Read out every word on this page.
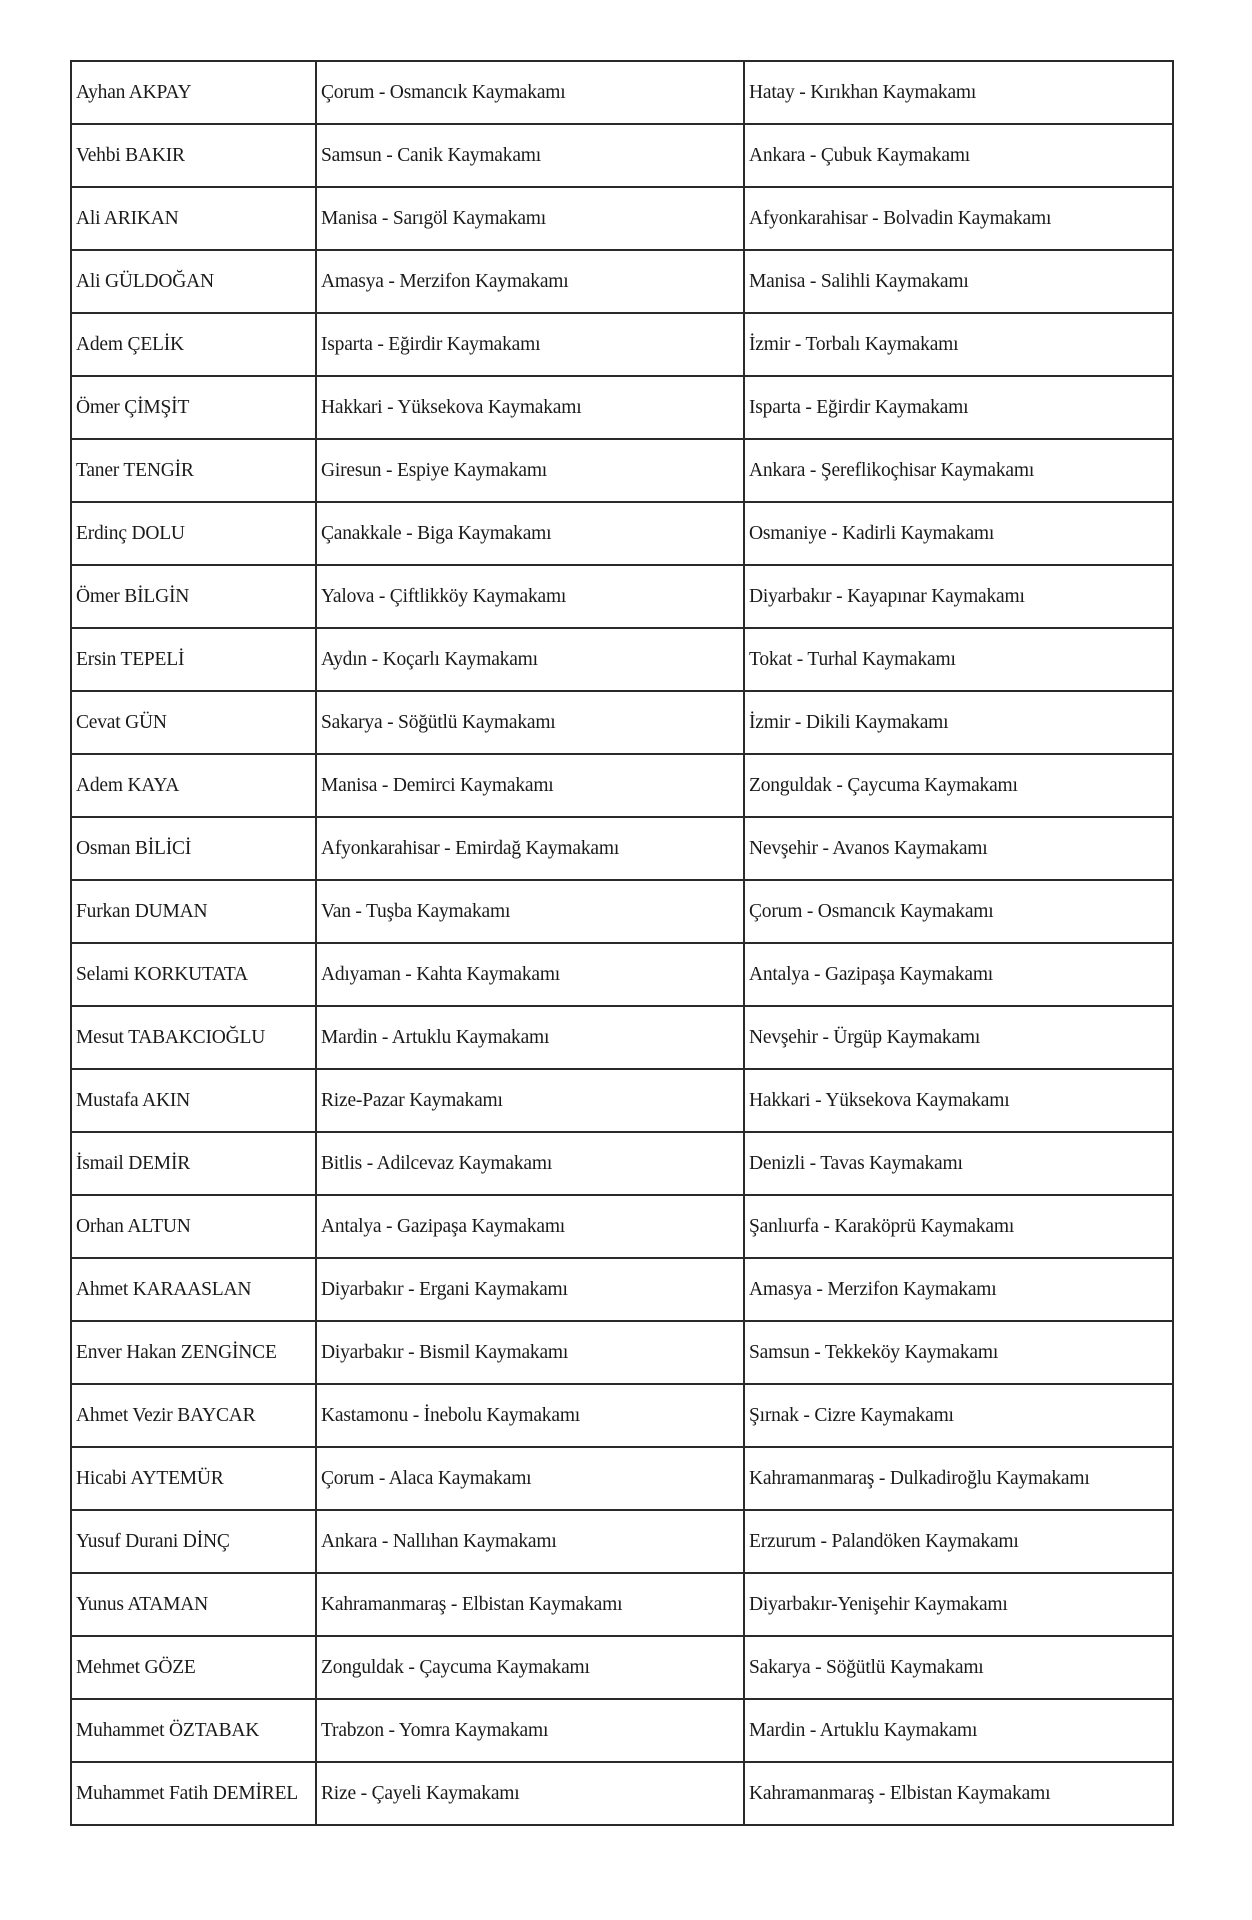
Ayhan AKPAY	Çorum - Osmancık Kaymakamı	Hatay - Kırıkhan Kaymakamı
Vehbi BAKIR	Samsun - Canik Kaymakamı	Ankara - Çubuk Kaymakamı
Ali ARIKAN	Manisa - Sarıgöl Kaymakamı	Afyonkarahisar - Bolvadin Kaymakamı
Ali GÜLDOĞAN	Amasya - Merzifon Kaymakamı	Manisa - Salihli Kaymakamı
Adem ÇELİK	Isparta - Eğirdir Kaymakamı	İzmir - Torbalı Kaymakamı
Ömer ÇİMŞİT	Hakkari - Yüksekova Kaymakamı	Isparta - Eğirdir Kaymakamı
Taner TENGİR	Giresun - Espiye Kaymakamı	Ankara - Şereflikoçhisar Kaymakamı
Erdinç DOLU	Çanakkale - Biga Kaymakamı	Osmaniye - Kadirli Kaymakamı
Ömer BİLGİN	Yalova - Çiftlikköy Kaymakamı	Diyarbakır - Kayapınar Kaymakamı
Ersin TEPELİ	Aydın - Koçarlı Kaymakamı	Tokat - Turhal Kaymakamı
Cevat GÜN	Sakarya - Söğütlü Kaymakamı	İzmir - Dikili Kaymakamı
Adem KAYA	Manisa - Demirci Kaymakamı	Zonguldak - Çaycuma Kaymakamı
Osman BİLİCİ	Afyonkarahisar - Emirdağ Kaymakamı	Nevşehir - Avanos Kaymakamı
Furkan DUMAN	Van - Tuşba Kaymakamı	Çorum - Osmancık Kaymakamı
Selami KORKUTATA	Adıyaman - Kahta Kaymakamı	Antalya - Gazipaşa Kaymakamı
Mesut TABAKCIOĞLU	Mardin - Artuklu Kaymakamı	Nevşehir - Ürgüp Kaymakamı
Mustafa AKIN	Rize-Pazar Kaymakamı	Hakkari - Yüksekova Kaymakamı
İsmail DEMİR	Bitlis - Adilcevaz Kaymakamı	Denizli - Tavas Kaymakamı
Orhan ALTUN	Antalya - Gazipaşa Kaymakamı	Şanlıurfa - Karaköprü Kaymakamı
Ahmet KARAASLAN	Diyarbakır - Ergani Kaymakamı	Amasya - Merzifon Kaymakamı
Enver Hakan ZENGİNCE	Diyarbakır - Bismil Kaymakamı	Samsun - Tekkeköy Kaymakamı
Ahmet Vezir BAYCAR	Kastamonu - İnebolu Kaymakamı	Şırnak - Cizre Kaymakamı
Hicabi AYTEMÜR	Çorum - Alaca Kaymakamı	Kahramanmaraş - Dulkadiroğlu Kaymakamı
Yusuf Durani DİNÇ	Ankara - Nallıhan Kaymakamı	Erzurum - Palandöken Kaymakamı
Yunus ATAMAN	Kahramanmaraş - Elbistan Kaymakamı	Diyarbakır-Yenişehir Kaymakamı
Mehmet GÖZE	Zonguldak - Çaycuma Kaymakamı	Sakarya - Söğütlü Kaymakamı
Muhammet ÖZTABAK	Trabzon - Yomra Kaymakamı	Mardin - Artuklu Kaymakamı
Muhammet Fatih DEMİREL	Rize - Çayeli Kaymakamı	Kahramanmaraş - Elbistan Kaymakamı
